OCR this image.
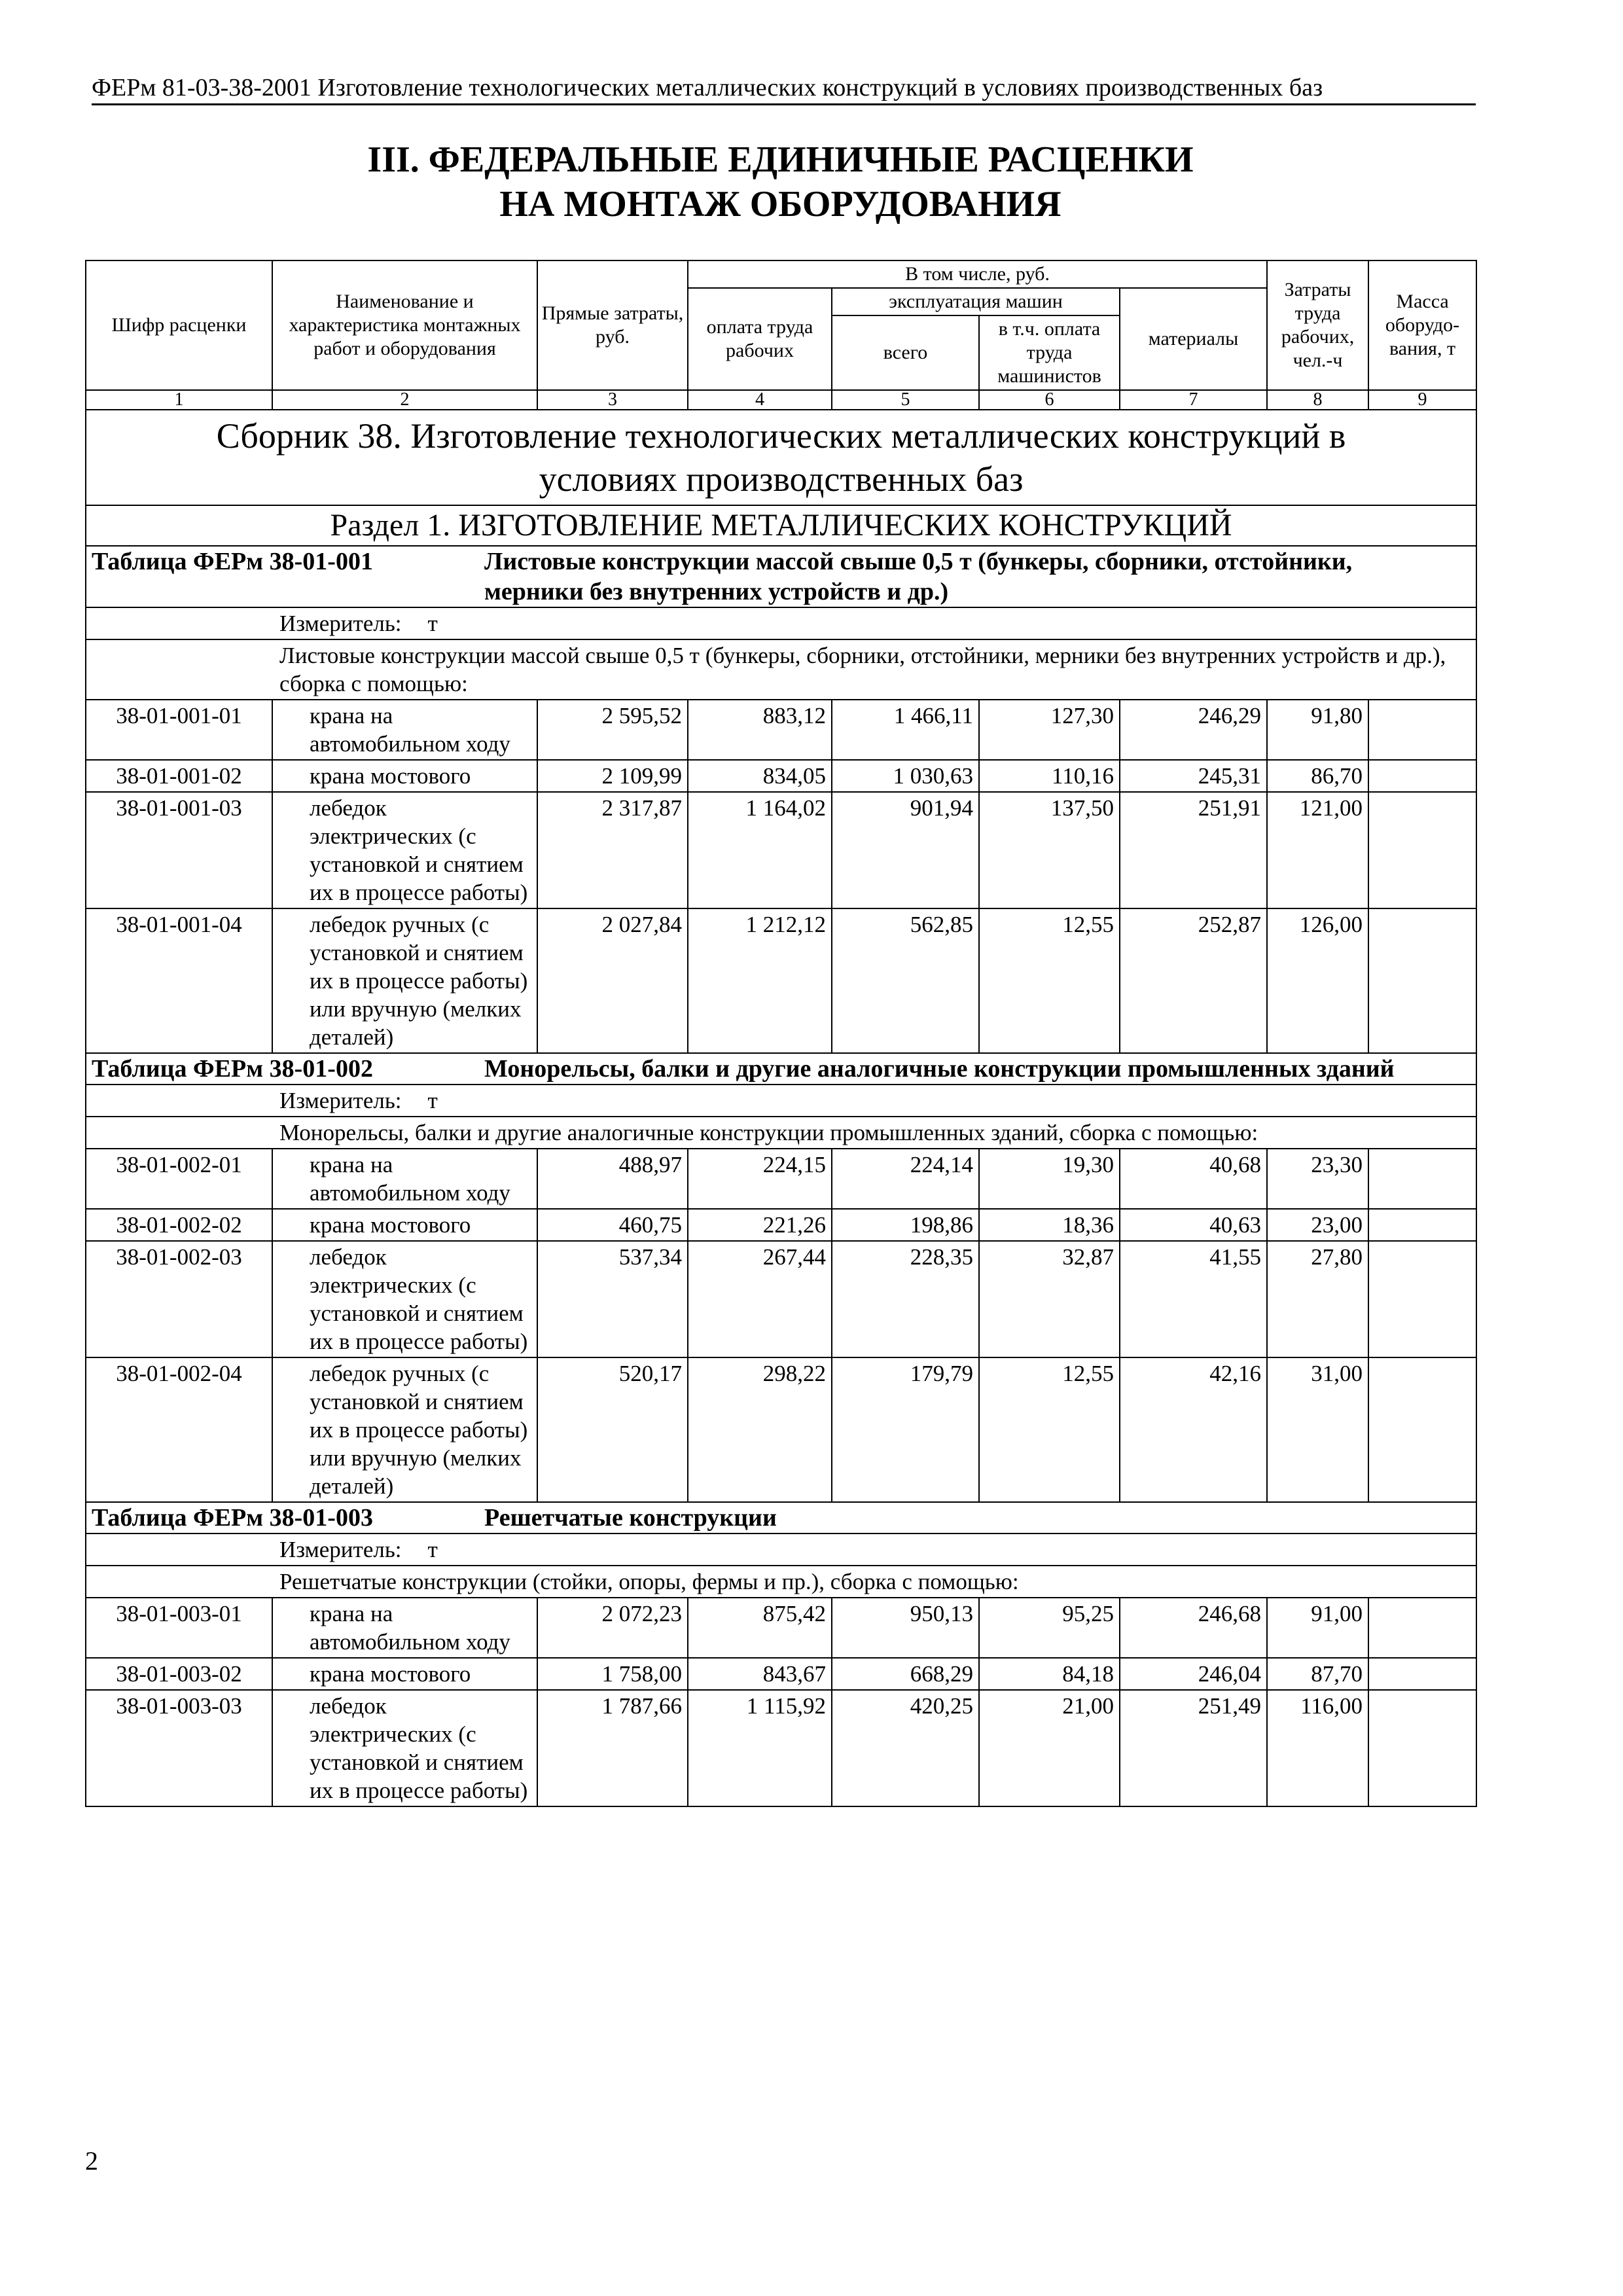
ФЕРм 81-03-38-2001 Изготовление технологических металлических конструкций в условиях производственных баз
III. ФЕДЕРАЛЬНЫЕ ЕДИНИЧНЫЕ РАСЦЕНКИ
НА МОНТАЖ ОБОРУДОВАНИЯ
Шифр расценки	Наименование и характеристика монтажных работ и оборудования	Прямые затраты, руб.	В том числе, руб.				Затраты труда рабочих, чел.-ч	Масса оборудо-вания, т
			оплата труда рабочих	эксплуатация машин		материалы		
				всего	в т.ч. оплата труда машинистов			
1	2	3	4	5	6	7	8	9

Сборник 38. Изготовление технологических металлических конструкций в
условиях производственных баз								

Раздел 1. ИЗГОТОВЛЕНИЕ МЕТАЛЛИЧЕСКИХ КОНСТРУКЦИЙ								
Таблица ФЕРм 38-01-001 Листовые конструкции массой свыше 0,5 т (бункеры, сборники, отстойники, мерники без внутренних устройств и др.)								
Измеритель: т								
Листовые конструкции массой свыше 0,5 т (бункеры, сборники, отстойники, мерники без внутренних устройств и др.), сборка с помощью:								
38-01-001-01	крана на автомобильном ходу	2 595,52	883,12	1 466,11	127,30	246,29	91,80	
38-01-001-02	крана мостового	2 109,99	834,05	1 030,63	110,16	245,31	86,70	
38-01-001-03	лебедок электрических (с установкой и снятием их в процессе работы)	2 317,87	1 164,02	901,94	137,50	251,91	121,00	
38-01-001-04	лебедок ручных (с установкой и снятием их в процессе работы) или вручную (мелких деталей)	2 027,84	1 212,12	562,85	12,55	252,87	126,00	
Таблица ФЕРм 38-01-002 Монорельсы, балки и другие аналогичные конструкции промышленных зданий								
Измеритель: т								
Монорельсы, балки и другие аналогичные конструкции промышленных зданий, сборка с помощью:								
38-01-002-01	крана на автомобильном ходу	488,97	224,15	224,14	19,30	40,68	23,30	
38-01-002-02	крана мостового	460,75	221,26	198,86	18,36	40,63	23,00	
38-01-002-03	лебедок электрических (с установкой и снятием их в процессе работы)	537,34	267,44	228,35	32,87	41,55	27,80	
38-01-002-04	лебедок ручных (с установкой и снятием их в процессе работы) или вручную (мелких деталей)	520,17	298,22	179,79	12,55	42,16	31,00	
Таблица ФЕРм 38-01-003 Решетчатые конструкции								
Измеритель: т								
Решетчатые конструкции (стойки, опоры, фермы и пр.), сборка с помощью:								
38-01-003-01	крана на автомобильном ходу	2 072,23	875,42	950,13	95,25	246,68	91,00	
38-01-003-02	крана мостового	1 758,00	843,67	668,29	84,18	246,04	87,70	
38-01-003-03	лебедок электрических (с установкой и снятием их в процессе работы)	1 787,66	1 115,92	420,25	21,00	251,49	116,00	
2
